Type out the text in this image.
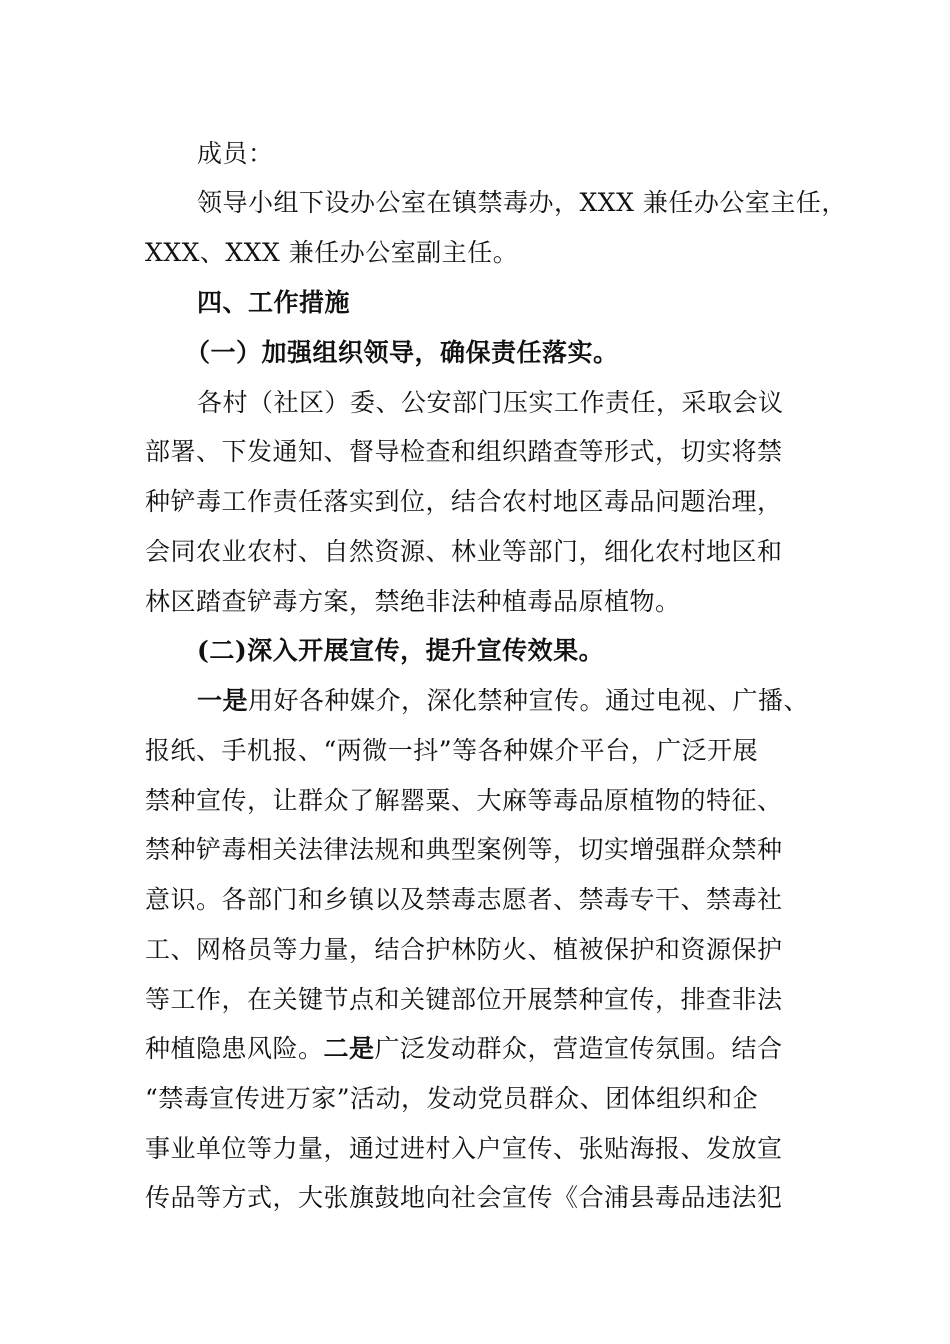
成员：
领导小组下设办公室在镇禁毒办，XXX 兼任办公室主任，
XXX、XXX 兼任办公室副主任。
四、工作措施
（一）加强组织领导，确保责任落实。
各村（社区）委、公安部门压实工作责任，采取会议
部署、下发通知、督导检查和组织踏查等形式，切实将禁
种铲毒工作责任落实到位，结合农村地区毒品问题治理，
会同农业农村、自然资源、林业等部门，细化农村地区和
林区踏查铲毒方案，禁绝非法种植毒品原植物。
(二)深入开展宣传，提升宣传效果。
一是用好各种媒介，深化禁种宣传。通过电视、广播、
报纸、手机报、“两微一抖”等各种媒介平台，广泛开展
禁种宣传，让群众了解罂粟、大麻等毒品原植物的特征、
禁种铲毒相关法律法规和典型案例等，切实增强群众禁种
意识。各部门和乡镇以及禁毒志愿者、禁毒专干、禁毒社
工、网格员等力量，结合护林防火、植被保护和资源保护
等工作，在关键节点和关键部位开展禁种宣传，排查非法
种植隐患风险。二是广泛发动群众，营造宣传氛围。结合
“禁毒宣传进万家”活动，发动党员群众、团体组织和企
事业单位等力量，通过进村入户宣传、张贴海报、发放宣
传品等方式，大张旗鼓地向社会宣传《合浦县毒品违法犯
